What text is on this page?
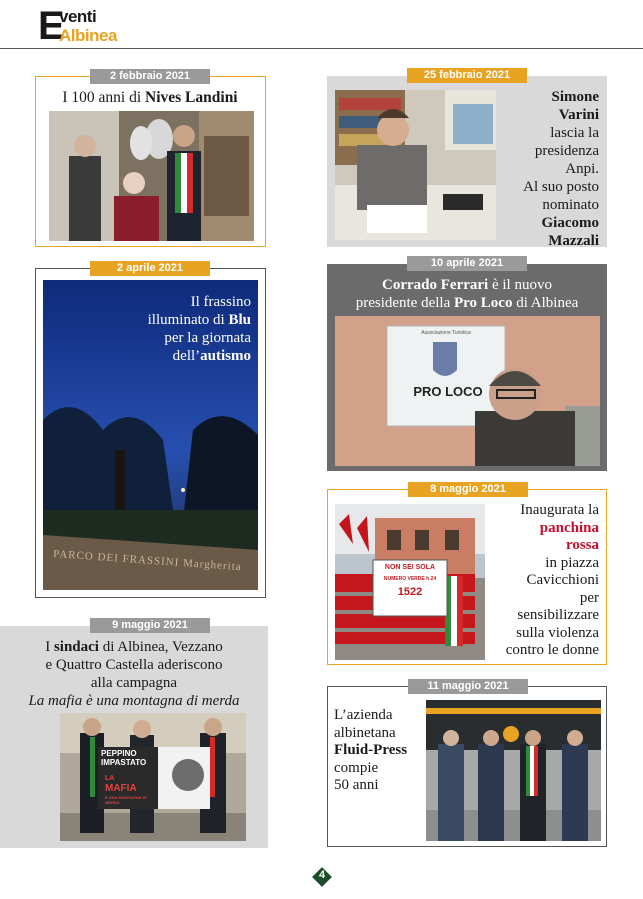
E
venti
Albinea
2 febbraio 2021
I 100 anni di Nives Landini
25 febbraio 2021
Simone
Varini
lascia la
presidenza
Anpi.
Al suo posto
nominato
Giacomo
Mazzali
2 aprile 2021
PARCO DEI FRASSINI Margherita
Il frassino
illuminato di Blu
per la giornata
dell’autismo
10 aprile 2021
Corrado Ferrari è il nuovo
presidente della Pro Loco di Albinea
Associazione Turistica
PRO LOCO
8 maggio 2021
NON SEI SOLA
NUMERO VERDE h 24
1522
Inaugurata la
panchina
rossa
in piazza
Cavicchioni
per
sensibilizzare
sulla violenza
contro le donne
9 maggio 2021
I sindaci di Albinea, Vezzano
e Quattro Castella aderiscono
alla campagna
La mafia è una montagna di merda
PEPPINO
IMPASTATO
LA
MAFIA
È UNA MONTAGNA DI MERDA
11 maggio 2021
L’azienda
albinetana
Fluid-Press
compie
50 anni
4
